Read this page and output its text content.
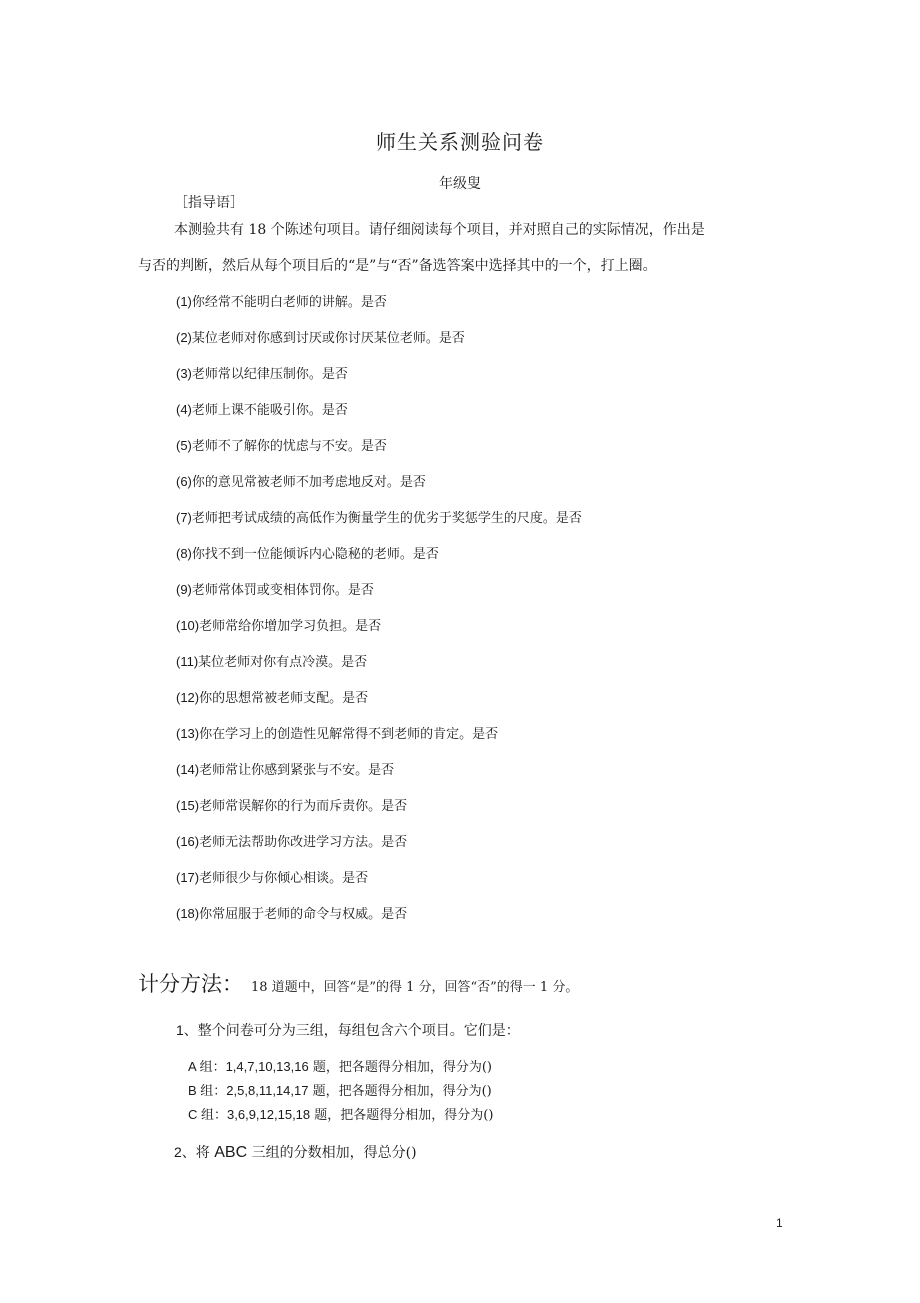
师生关系测验问卷
年级叟
［指导语］
本测验共有 18 个陈述句项目。请仔细阅读每个项目，并对照自己的实际情况，作出是
与否的判断，然后从每个项目后的“是”与“否”备选答案中选择其中的一个，打上圈。
(1)你经常不能明白老师的讲解。是否
(2)某位老师对你感到讨厌或你讨厌某位老师。是否
(3)老师常以纪律压制你。是否
(4)老师上课不能吸引你。是否
(5)老师不了解你的忧虑与不安。是否
(6)你的意见常被老师不加考虑地反对。是否
(7)老师把考试成绩的高低作为衡量学生的优劣于奖惩学生的尺度。是否
(8)你找不到一位能倾诉内心隐秘的老师。是否
(9)老师常体罚或变相体罚你。是否
(10)老师常给你增加学习负担。是否
(11)某位老师对你有点冷漠。是否
(12)你的思想常被老师支配。是否
(13)你在学习上的创造性见解常得不到老师的肯定。是否
(14)老师常让你感到紧张与不安。是否
(15)老师常误解你的行为而斥责你。是否
(16)老师无法帮助你改进学习方法。是否
(17)老师很少与你倾心相谈。是否
(18)你常屈服于老师的命令与权威。是否
计分方法： 18 道题中，回答“是”的得 1 分，回答“否”的得一 1 分。
1、整个问卷可分为三组，每组包含六个项目。它们是：
A 组：1,4,7,10,13,16 题，把各题得分相加，得分为()
B 组：2,5,8,11,14,17 题，把各题得分相加，得分为()
C 组：3,6,9,12,15,18 题，把各题得分相加，得分为()
2、将 ABC 三组的分数相加，得总分()
1
